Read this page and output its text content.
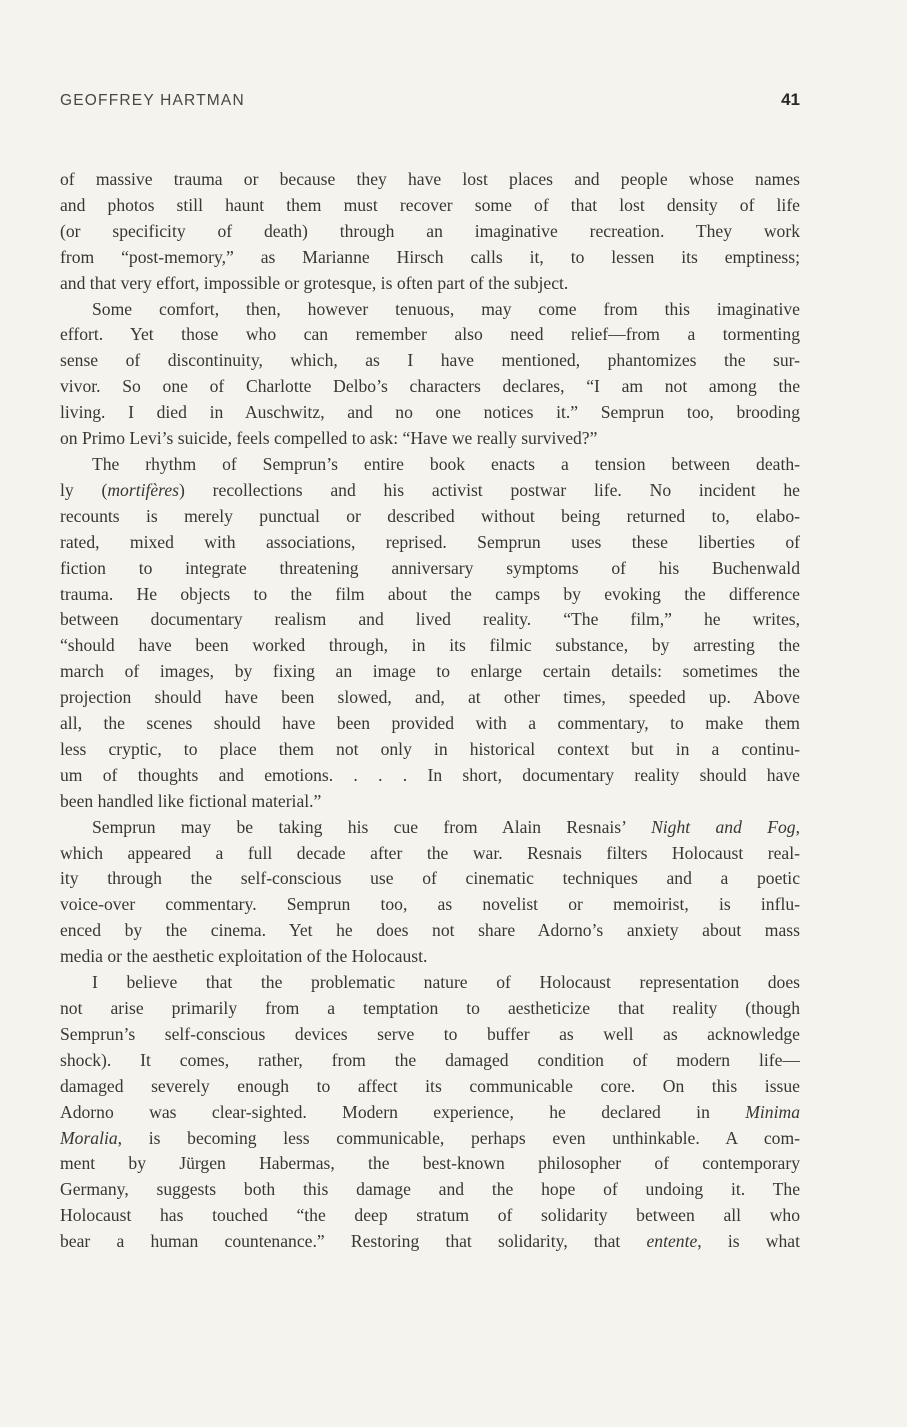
GEOFFREY HARTMAN	41

of massive trauma or because they have lost places and people whose names
and photos still haunt them must recover some of that lost density of life
(or specificity of death) through an imaginative recreation. They work
from “post-memory,” as Marianne Hirsch calls it, to lessen its emptiness;
and that very effort, impossible or grotesque, is often part of the subject.

Some comfort, then, however tenuous, may come from this imaginative
effort. Yet those who can remember also need relief—from a tormenting
sense of discontinuity, which, as I have mentioned, phantomizes the sur-
vivor. So one of Charlotte Delbo’s characters declares, “I am not among the
living. I died in Auschwitz, and no one notices it.” Semprun too, brooding
on Primo Levi’s suicide, feels compelled to ask: “Have we really survived?”

The rhythm of Semprun’s entire book enacts a tension between death-
ly (mortifères) recollections and his activist postwar life. No incident he
recounts is merely punctual or described without being returned to, elabo-
rated, mixed with associations, reprised. Semprun uses these liberties of
fiction to integrate threatening anniversary symptoms of his Buchenwald
trauma. He objects to the film about the camps by evoking the difference
between documentary realism and lived reality. “The film,” he writes,
“should have been worked through, in its filmic substance, by arresting the
march of images, by fixing an image to enlarge certain details: sometimes the
projection should have been slowed, and, at other times, speeded up. Above
all, the scenes should have been provided with a commentary, to make them
less cryptic, to place them not only in historical context but in a continu-
um of thoughts and emotions. . . . In short, documentary reality should have
been handled like fictional material.”

Semprun may be taking his cue from Alain Resnais’ Night and Fog,
which appeared a full decade after the war. Resnais filters Holocaust real-
ity through the self-conscious use of cinematic techniques and a poetic
voice-over commentary. Semprun too, as novelist or memoirist, is influ-
enced by the cinema. Yet he does not share Adorno’s anxiety about mass
media or the aesthetic exploitation of the Holocaust.

I believe that the problematic nature of Holocaust representation does
not arise primarily from a temptation to aestheticize that reality (though
Semprun’s self-conscious devices serve to buffer as well as acknowledge
shock). It comes, rather, from the damaged condition of modern life—
damaged severely enough to affect its communicable core. On this issue
Adorno was clear-sighted. Modern experience, he declared in Minima
Moralia, is becoming less communicable, perhaps even unthinkable. A com-
ment by Jürgen Habermas, the best-known philosopher of contemporary
Germany, suggests both this damage and the hope of undoing it. The
Holocaust has touched “the deep stratum of solidarity between all who
bear a human countenance.” Restoring that solidarity, that entente, is what
